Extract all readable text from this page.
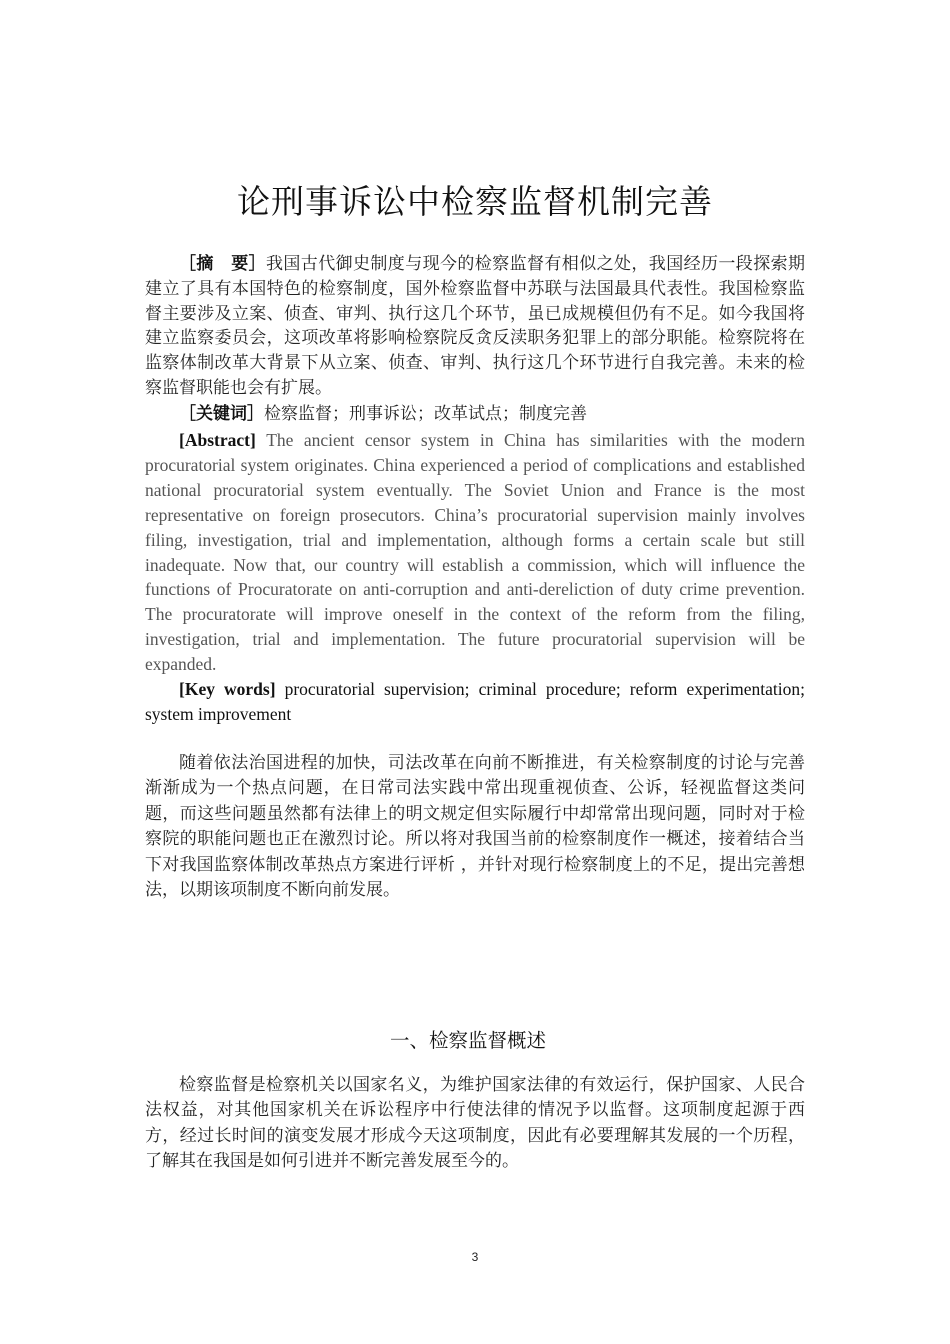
论刑事诉讼中检察监督机制完善
［摘　要］我国古代御史制度与现今的检察监督有相似之处，我国经历一段探索期建立了具有本国特色的检察制度，国外检察监督中苏联与法国最具代表性。我国检察监督主要涉及立案、侦查、审判、执行这几个环节，虽已成规模但仍有不足。如今我国将建立监察委员会，这项改革将影响检察院反贪反渎职务犯罪上的部分职能。检察院将在监察体制改革大背景下从立案、侦查、审判、执行这几个环节进行自我完善。未来的检察监督职能也会有扩展。
［关键词］检察监督；刑事诉讼；改革试点；制度完善
[Abstract] The ancient censor system in China has similarities with the modern procuratorial system originates. China experienced a period of complications and established national procuratorial system eventually. The Soviet Union and France is the most representative on foreign prosecutors. China’s procuratorial supervision mainly involves filing, investigation, trial and implementation, although forms a certain scale but still inadequate. Now that, our country will establish a commission, which will influence the functions of Procuratorate on anti-corruption and anti-dereliction of duty crime prevention. The procuratorate will improve oneself in the context of the reform from the filing, investigation, trial and implementation. The future procuratorial supervision will be expanded.
[Key words] procuratorial supervision; criminal procedure; reform experimentation; system improvement
随着依法治国进程的加快，司法改革在向前不断推进，有关检察制度的讨论与完善渐渐成为一个热点问题，在日常司法实践中常出现重视侦查、公诉，轻视监督这类问题，而这些问题虽然都有法律上的明文规定但实际履行中却常常出现问题，同时对于检察院的职能问题也正在激烈讨论。所以将对我国当前的检察制度作一概述，接着结合当下对我国监察体制改革热点方案进行评析 ，并针对现行检察制度上的不足，提出完善想法，以期该项制度不断向前发展。
一、检察监督概述
检察监督是检察机关以国家名义，为维护国家法律的有效运行，保护国家、人民合法权益，对其他国家机关在诉讼程序中行使法律的情况予以监督。这项制度起源于西方，经过长时间的演变发展才形成今天这项制度，因此有必要理解其发展的一个历程，了解其在我国是如何引进并不断完善发展至今的。
3
